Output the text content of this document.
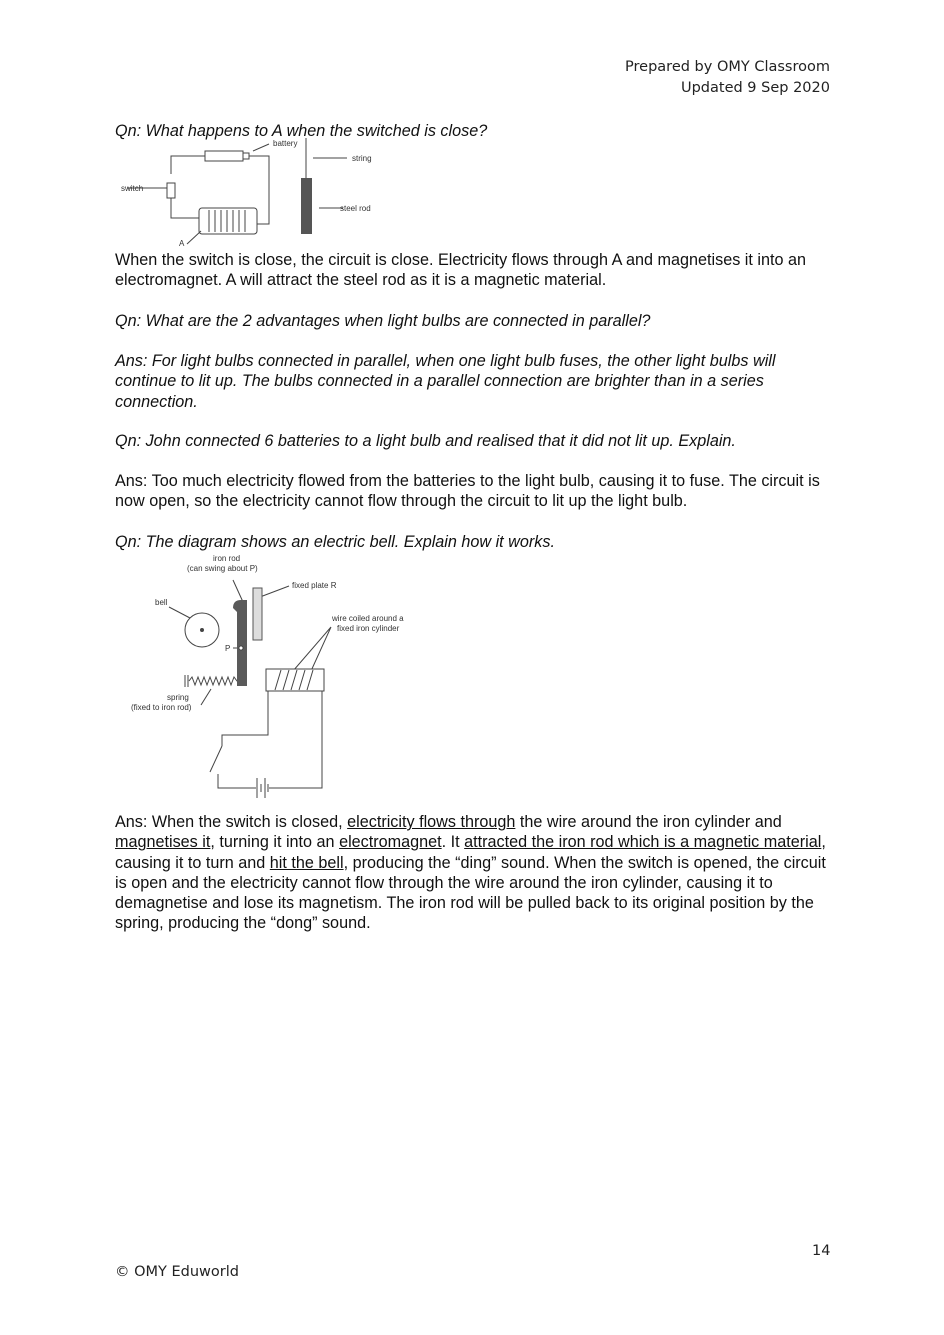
Prepared by OMY Classroom
Updated 9 Sep 2020

Qn: What happens to A when the switched is close?

battery
string
switch
steel rod
A

When the switch is close, the circuit is close. Electricity flows through A and magnetises it into an electromagnet. A will attract the steel rod as it is a magnetic material.

Qn: What are the 2 advantages when light bulbs are connected in parallel?

Ans: For light bulbs connected in parallel, when one light bulb fuses, the other light bulbs will continue to lit up. The bulbs connected in a parallel connection are brighter than in a series connection.

Qn: John connected 6 batteries to a light bulb and realised that it did not lit up. Explain.

Ans: Too much electricity flowed from the batteries to the light bulb, causing it to fuse. The circuit is now open, so the electricity cannot flow through the circuit to lit up the light bulb.

Qn: The diagram shows an electric bell. Explain how it works.

iron rod
(can swing about P)
fixed plate R
bell
wire coiled around a
fixed iron cylinder
P
spring
(fixed to iron rod)

Ans: When the switch is closed, electricity flows through the wire around the iron cylinder and magnetises it, turning it into an electromagnet. It attracted the iron rod which is a magnetic material, causing it to turn and hit the bell, producing the “ding” sound. When the switch is opened, the circuit is open and the electricity cannot flow through the wire around the iron cylinder, causing it to demagnetise and lose its magnetism. The iron rod will be pulled back to its original position by the spring, producing the “dong” sound.

14
© OMY Eduworld
